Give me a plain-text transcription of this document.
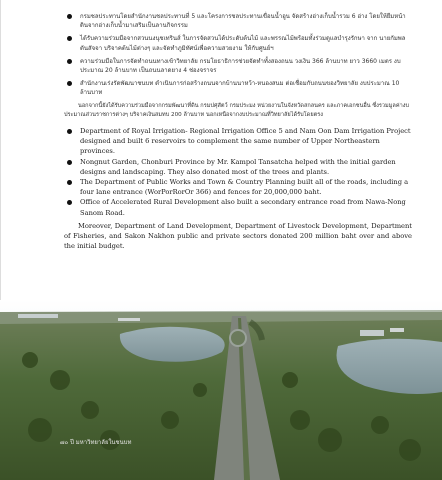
กรมชลประทานโดยสำนักงานชลประทานที่ 5 และโครงการชลประทานเขื่อนน้ำอูน จัดสร้างอ่างเก็บน้ำรวม 6 อ่าง โดยให้ยืมหน้าดินจากอ่างเก็บน้ำมาเสริมเป็นลานกิจกรรม
ได้รับความร่วมมือจากสวนนงนุชเทรินส์ ในการจัดสวนได้ประดับต้นไม้ และพรรณไม้พร้อมทั้งร่วมดูแลบำรุงรักษา จาก นายกัมพล ตันสัจจา บริจาคต้นไม้ต่างๆ และจัดทำภูมิทัศน์เพื่อความสวยงาม ให้กับศูนย์ฯ
ความร่วมมือในการจัดทำถนนทางเข้าวิทยาลัย กรมโยธาธิการช่วยจัดทำทั้งสองถนน วงเงิน 366 ล้านบาท ยาว 3660 เมตร งบประมาณ 20 ล้านบาท เป็นถนนลาดยาง 4 ช่องจราจร
สำนักงานเร่งรัดพัฒนาชนบท ดำเนินการก่อสร้างถนนจากบ้านนาหว้า-หนองสนม ต่อเชื่อมกับถนนของวิทยาลัย งบประมาณ 10 ล้านบาท

นอกจากนี้ยังได้รับความร่วมมือจากกรมพัฒนาที่ดิน กรมปศุสัตว์ กรมประมง หน่วยงานในจังหวัดสกลนคร และภาคเอกชนอื่น ซึ่งรวมมูลค่างบประมาณส่วนราชการต่างๆ บริจาคเงินสมทบ 200 ล้านบาท นอกเหนือจากงบประมาณที่วิทยาลัยได้รับโดยตรง

Department of Royal Irrigation- Regional Irrigation Office 5 and Nam Oon Dam Irrigation Project designed and built 6 reservoirs to complement the same number of Upper Northeastern provinces.
Nongnut Garden, Chonburi Province by Mr. Kampol Tansatcha helped with the initial garden designs and landscaping. They also donated most of the trees and plants.
The Department of Public Works and Town & Country Planning built all of the roads, including a four lane entrance (WorPorRorOr 366) and fences for 20,000,000 baht.
Office of Accelerated Rural Development also built a secondary entrance road from Nawa-Nong Sanom Road.

Moreover, Department of Land Development, Department of Livestock Development, Department of Fisheries, and Sakon Nakhon public and private sectors donated 200 million baht over and above the initial budget.

๗๐ ปี มหาวิทยาลัยในชนบท
